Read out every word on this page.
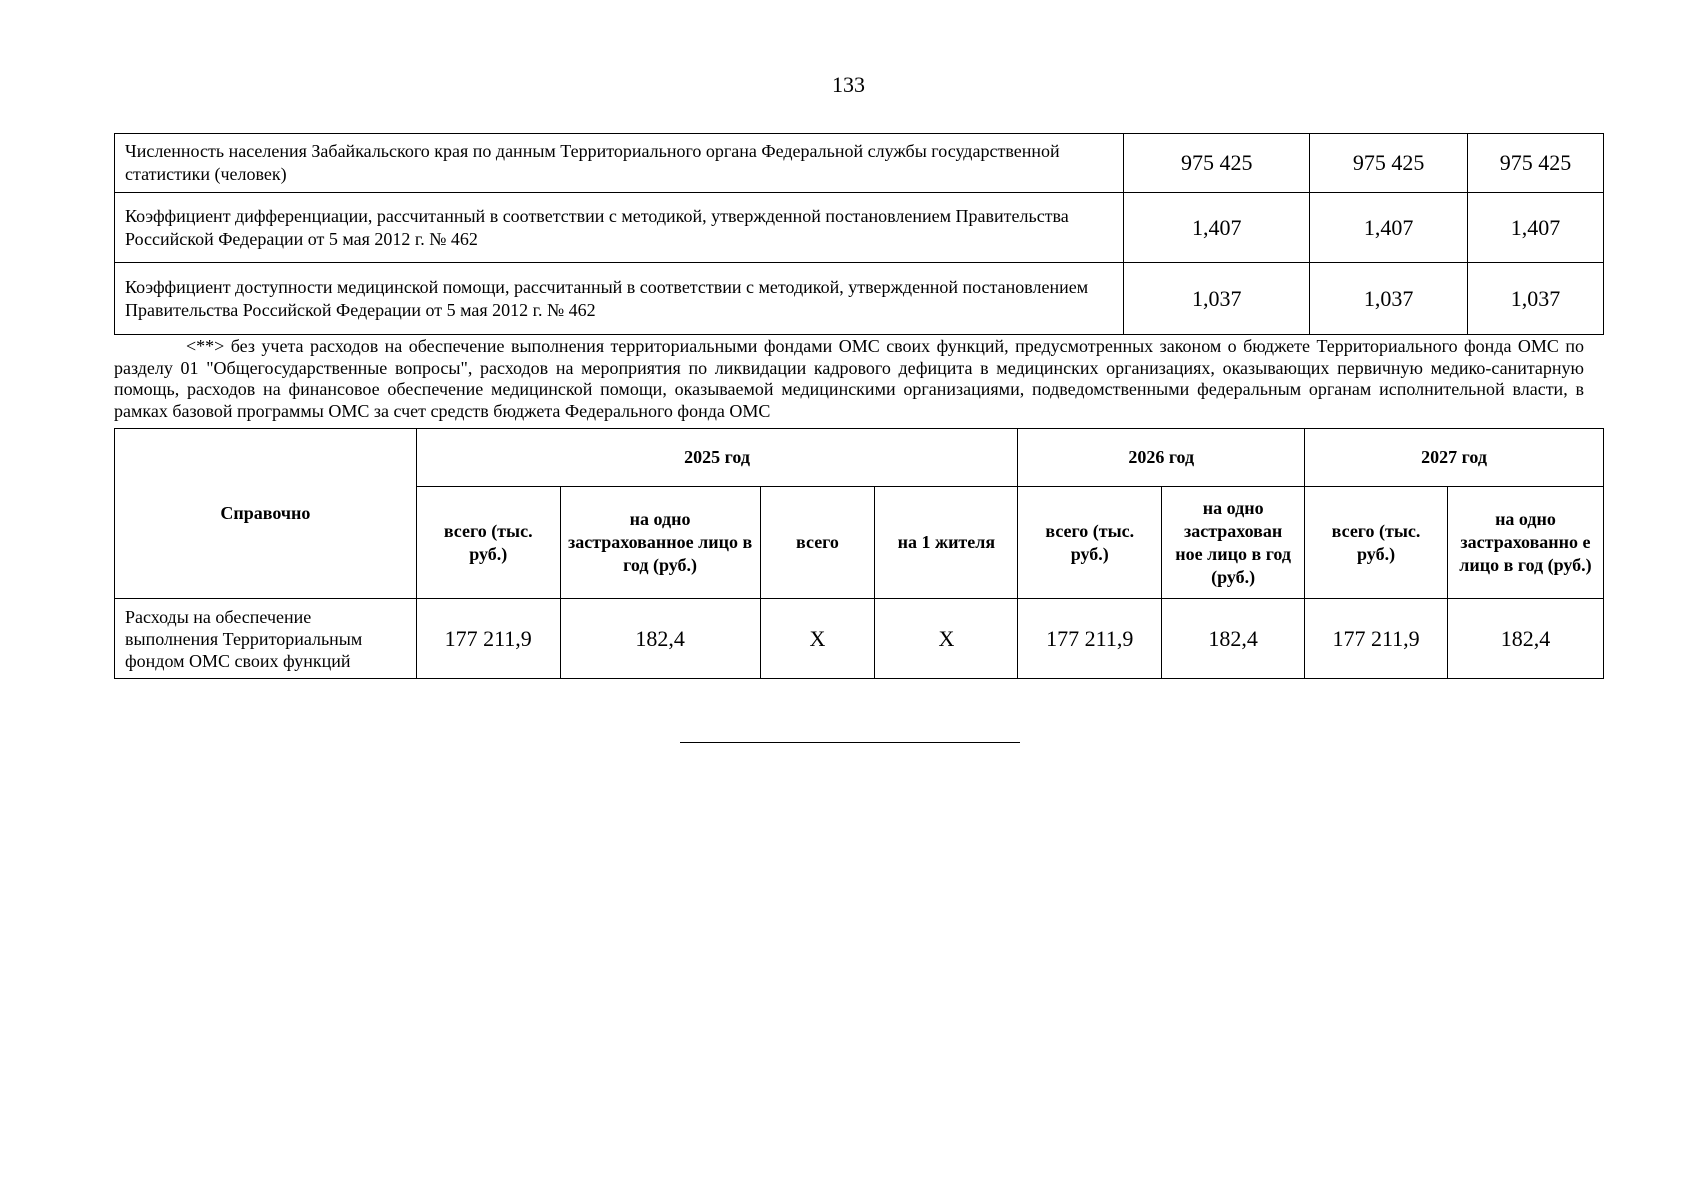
133
Численность населения Забайкальского края по данным Территориального органа Федеральной службы государственной статистики (человек)	975 425	975 425	975 425
Коэффициент дифференциации, рассчитанный в соответствии с методикой, утвержденной постановлением Правительства Российской Федерации от 5 мая 2012 г. № 462	1,407	1,407	1,407
Коэффициент доступности медицинской помощи, рассчитанный в соответствии с методикой, утвержденной постановлением Правительства Российской Федерации от 5 мая 2012 г. № 462	1,037	1,037	1,037
<**> без учета расходов на обеспечение выполнения территориальными фондами ОМС своих функций, предусмотренных законом о бюджете Территориального фонда ОМС по разделу 01 "Общегосударственные вопросы", расходов на мероприятия по ликвидации кадрового дефицита в медицинских организациях, оказывающих первичную медико-санитарную помощь, расходов на финансовое обеспечение медицинской помощи, оказываемой медицинскими организациями, подведомственными федеральным органам исполнительной власти, в рамках базовой программы ОМС за счет средств бюджета Федерального фонда ОМС
Справочно	2025 год				2026 год		2027 год	
	всего (тыс. руб.)	на одно застрахованное лицо в год (руб.)	всего	на 1 жителя	всего (тыс. руб.)	на одно застрахован ное лицо в год (руб.)	всего (тыс. руб.)	на одно застрахованно е лицо в год (руб.)
Расходы на обеспечение выполнения Территориальным фондом ОМС своих функций	177 211,9	182,4	X	X	177 211,9	182,4	177 211,9	182,4
